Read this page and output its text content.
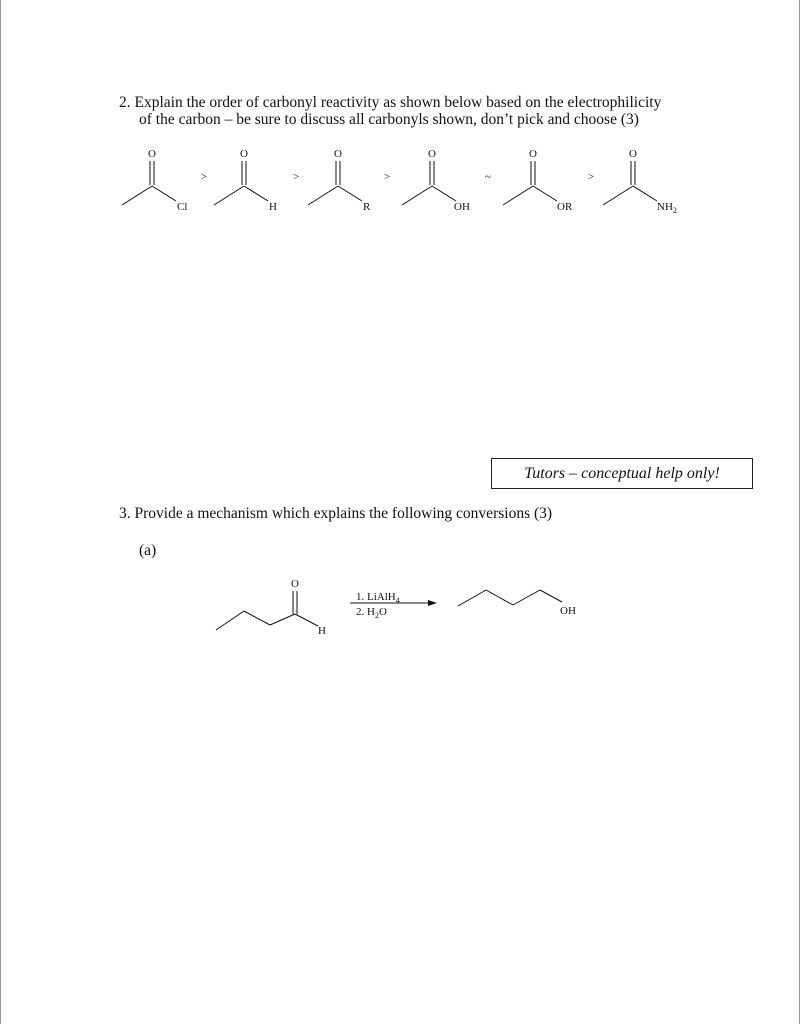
2. Explain the order of carbonyl reactivity as shown below based on the electrophilicity
of the carbon – be sure to discuss all carbonyls shown, don’t pick and choose (3)
O
Cl
>
O
H
>
O
R
>
O
OH
~
O
OR
>
O
$NH_2$
Tutors – conceptual help only!
3. Provide a mechanism which explains the following conversions (3)
(a)
O
H
1. LiAlH$_4$
2. $H_2O$	OH
